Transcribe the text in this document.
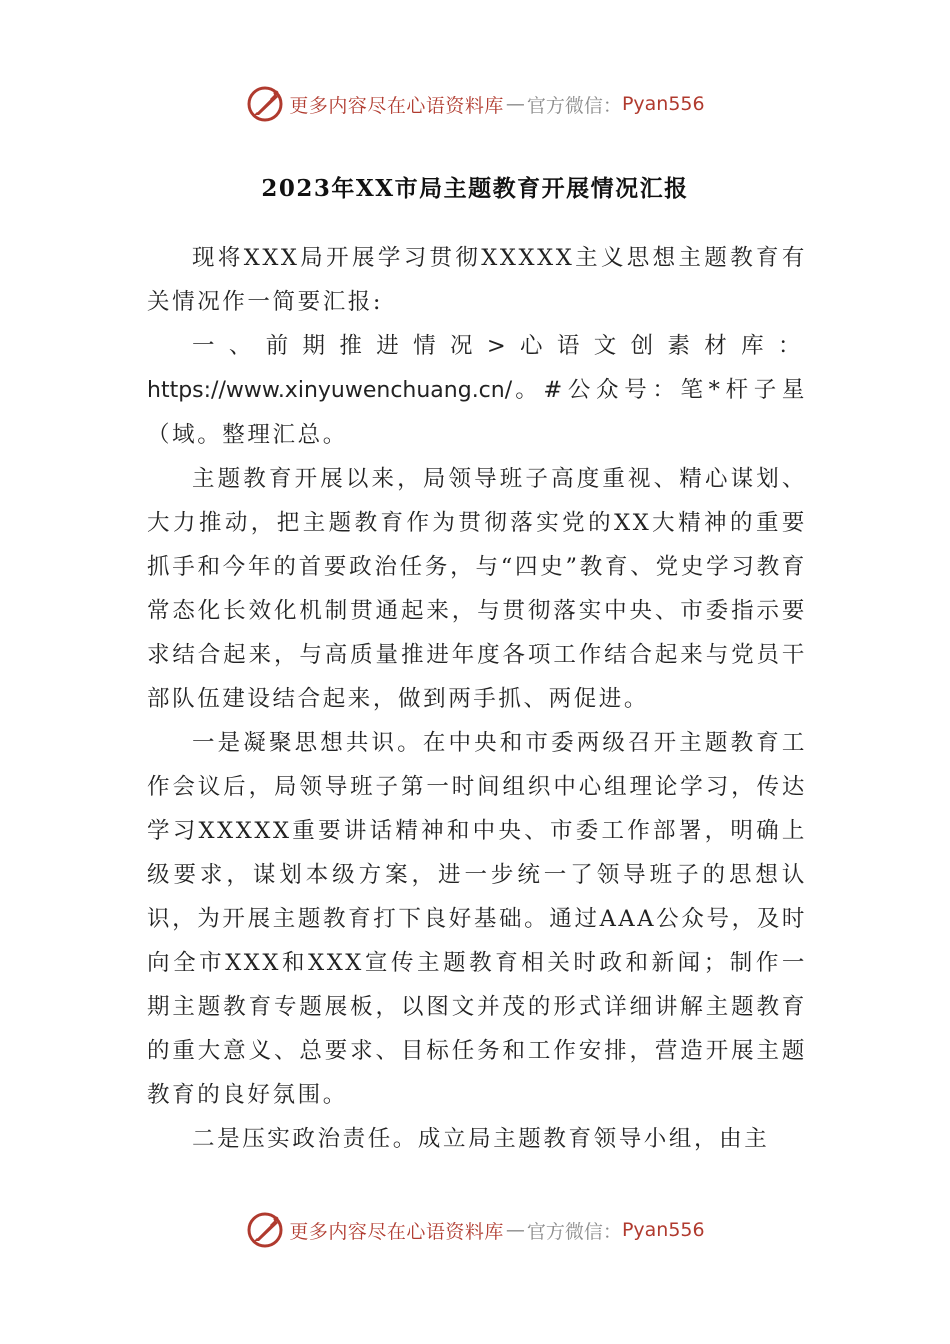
更多内容尽在心语资料库 — 官方微信： Pyan556
2023年XX市局主题教育开展情况汇报

现将XXX局开展学习贯彻XXXXX主义思想主题教育有关情况作一简要汇报:

一、前期推进情况>心语文创素材库：https://www.xinyuwenchuang.cn/。#公众号：笔*杆子星（域。整理汇总。

主题教育开展以来，局领导班子高度重视、精心谋划、大力推动，把主题教育作为贯彻落实党的XX大精神的重要抓手和今年的首要政治任务，与“四史”教育、党史学习教育常态化长效化机制贯通起来，与贯彻落实中央、市委指示要求结合起来，与高质量推进年度各项工作结合起来与党员干部队伍建设结合起来，做到两手抓、两促进。

一是凝聚思想共识。在中央和市委两级召开主题教育工作会议后，局领导班子第一时间组织中心组理论学习，传达学习XXXXX重要讲话精神和中央、市委工作部署，明确上级要求，谋划本级方案，进一步统一了领导班子的思想认识，为开展主题教育打下良好基础。通过AAA公众号，及时向全市XXX和XXX宣传主题教育相关时政和新闻；制作一期主题教育专题展板，以图文并茂的形式详细讲解主题教育的重大意义、总要求、目标任务和工作安排，营造开展主题教育的良好氛围。

二是压实政治责任。成立局主题教育领导小组，由主

更多内容尽在心语资料库 — 官方微信： Pyan556
